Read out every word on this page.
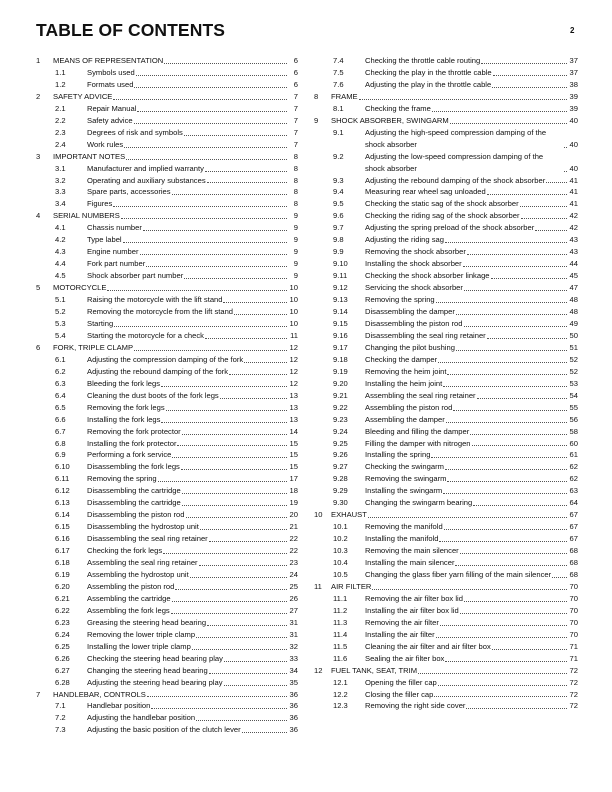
TABLE OF CONTENTS	2
1 MEANS OF REPRESENTATION	6
1.1	Symbols used	6
1.2	Formats used	6
2 SAFETY ADVICE	7
2.1	Repair Manual	7
2.2	Safety advice	7
2.3	Degrees of risk and symbols	7
2.4	Work rules	7
3 IMPORTANT NOTES	8
3.1	Manufacturer and implied warranty	8
3.2	Operating and auxiliary substances	8
3.3	Spare parts, accessories	8
3.4	Figures	8
4 SERIAL NUMBERS	9
4.1	Chassis number	9
4.2	Type label	9
4.3	Engine number	9
4.4	Fork part number	9
4.5	Shock absorber part number	9
5 MOTORCYCLE	10
5.1	Raising the motorcycle with the lift stand	10
5.2	Removing the motorcycle from the lift stand	10
5.3	Starting	10
5.4	Starting the motorcycle for a check	11
6 FORK, TRIPLE CLAMP	12
6.1	Adjusting the compression damping of the fork	12
6.2	Adjusting the rebound damping of the fork	12
6.3	Bleeding the fork legs	12
6.4	Cleaning the dust boots of the fork legs	13
6.5	Removing the fork legs	13
6.6	Installing the fork legs	13
6.7	Removing the fork protector	14
6.8	Installing the fork protector	15
6.9	Performing a fork service	15
6.10 Disassembling the fork legs	15
6.11 Removing the spring	17
6.12 Disassembling the cartridge	18
6.13 Disassembling the cartridge	19
6.14 Disassembling the piston rod	20
6.15 Disassembling the hydrostop unit	21
6.16 Disassembling the seal ring retainer	22
6.17 Checking the fork legs	22
6.18 Assembling the seal ring retainer	23
6.19 Assembling the hydrostop unit	24
6.20 Assembling the piston rod	25
6.21 Assembling the cartridge	26
6.22 Assembling the fork legs	27
6.23 Greasing the steering head bearing	31
6.24 Removing the lower triple clamp	31
6.25 Installing the lower triple clamp	32
6.26 Checking the steering head bearing play	33
6.27 Changing the steering head bearing	34
6.28 Adjusting the steering head bearing play	35
7 HANDLEBAR, CONTROLS	36
7.1	Handlebar position	36
7.2	Adjusting the handlebar position	36
7.3	Adjusting the basic position of the clutch lever	36
7.4	Checking the throttle cable routing	37
7.5	Checking the play in the throttle cable	37
7.6	Adjusting the play in the throttle cable	38
8 FRAME	39
8.1	Checking the frame	39
9 SHOCK ABSORBER, SWINGARM	40
9.1	Adjusting the high-speed compression damping of the shock absorber	40
9.2	Adjusting the low-speed compression damping of the shock absorber	40
9.3	Adjusting the rebound damping of the shock absorber	41
9.4	Measuring rear wheel sag unloaded	41
9.5	Checking the static sag of the shock absorber	41
9.6	Checking the riding sag of the shock absorber	42
9.7	Adjusting the spring preload of the shock absorber	42
9.8	Adjusting the riding sag	43
9.9	Removing the shock absorber	43
9.10 Installing the shock absorber	44
9.11 Checking the shock absorber linkage	45
9.12 Servicing the shock absorber	47
9.13 Removing the spring	48
9.14 Disassembling the damper	48
9.15 Disassembling the piston rod	49
9.16 Disassembling the seal ring retainer	50
9.17 Changing the pilot bushing	51
9.18 Checking the damper	52
9.19 Removing the heim joint	52
9.20 Installing the heim joint	53
9.21 Assembling the seal ring retainer	54
9.22 Assembling the piston rod	55
9.23 Assembling the damper	56
9.24 Bleeding and filling the damper	58
9.25 Filling the damper with nitrogen	60
9.26 Installing the spring	61
9.27 Checking the swingarm	62
9.28 Removing the swingarm	62
9.29 Installing the swingarm	63
9.30 Changing the swingarm bearing	64
10 EXHAUST	67
10.1 Removing the manifold	67
10.2 Installing the manifold	67
10.3 Removing the main silencer	68
10.4 Installing the main silencer	68
10.5 Changing the glass fiber yarn filling of the main silencer 68
11 AIR FILTER	70
11.1 Removing the air filter box lid	70
11.2 Installing the air filter box lid	70
11.3 Removing the air filter	70
11.4 Installing the air filter	70
11.5 Cleaning the air filter and air filter box	71
11.6 Sealing the air filter box	71
12 FUEL TANK, SEAT, TRIM	72
12.1 Opening the filler cap	72
12.2 Closing the filler cap	72
12.3 Removing the right side cover	72
